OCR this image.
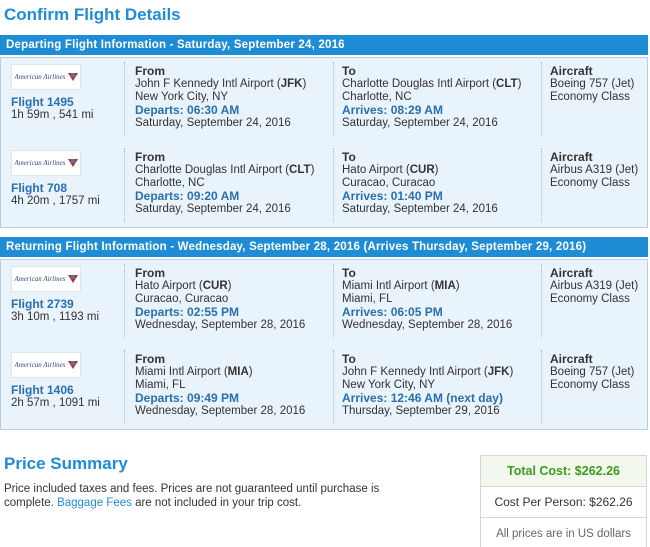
Confirm Flight Details
Departing Flight Information - Saturday, September 24, 2016
American Airlines
Flight 1495
1h 59m , 541 mi
From
John F Kennedy Intl Airport (JFK)
New York City, NY
Departs: 06:30 AM
Saturday, September 24, 2016
To
Charlotte Douglas Intl Airport (CLT)
Charlotte, NC
Arrives: 08:29 AM
Saturday, September 24, 2016
Aircraft
Boeing 757 (Jet)
Economy Class
American Airlines
Flight 708
4h 20m , 1757 mi
From
Charlotte Douglas Intl Airport (CLT)
Charlotte, NC
Departs: 09:20 AM
Saturday, September 24, 2016
To
Hato Airport (CUR)
Curacao, Curacao
Arrives: 01:40 PM
Saturday, September 24, 2016
Aircraft
Airbus A319 (Jet)
Economy Class
Returning Flight Information - Wednesday, September 28, 2016 (Arrives Thursday, September 29, 2016)
American Airlines
Flight 2739
3h 10m , 1193 mi
From
Hato Airport (CUR)
Curacao, Curacao
Departs: 02:55 PM
Wednesday, September 28, 2016
To
Miami Intl Airport (MIA)
Miami, FL
Arrives: 06:05 PM
Wednesday, September 28, 2016
Aircraft
Airbus A319 (Jet)
Economy Class
American Airlines
Flight 1406
2h 57m , 1091 mi
From
Miami Intl Airport (MIA)
Miami, FL
Departs: 09:49 PM
Wednesday, September 28, 2016
To
John F Kennedy Intl Airport (JFK)
New York City, NY
Arrives: 12:46 AM (next day)
Thursday, September 29, 2016
Aircraft
Boeing 757 (Jet)
Economy Class
Price Summary
Price included taxes and fees. Prices are not guaranteed until purchase is complete. Baggage Fees are not included in your trip cost.
Total Cost: $262.26
Cost Per Person: $262.26
All prices are in US dollars
